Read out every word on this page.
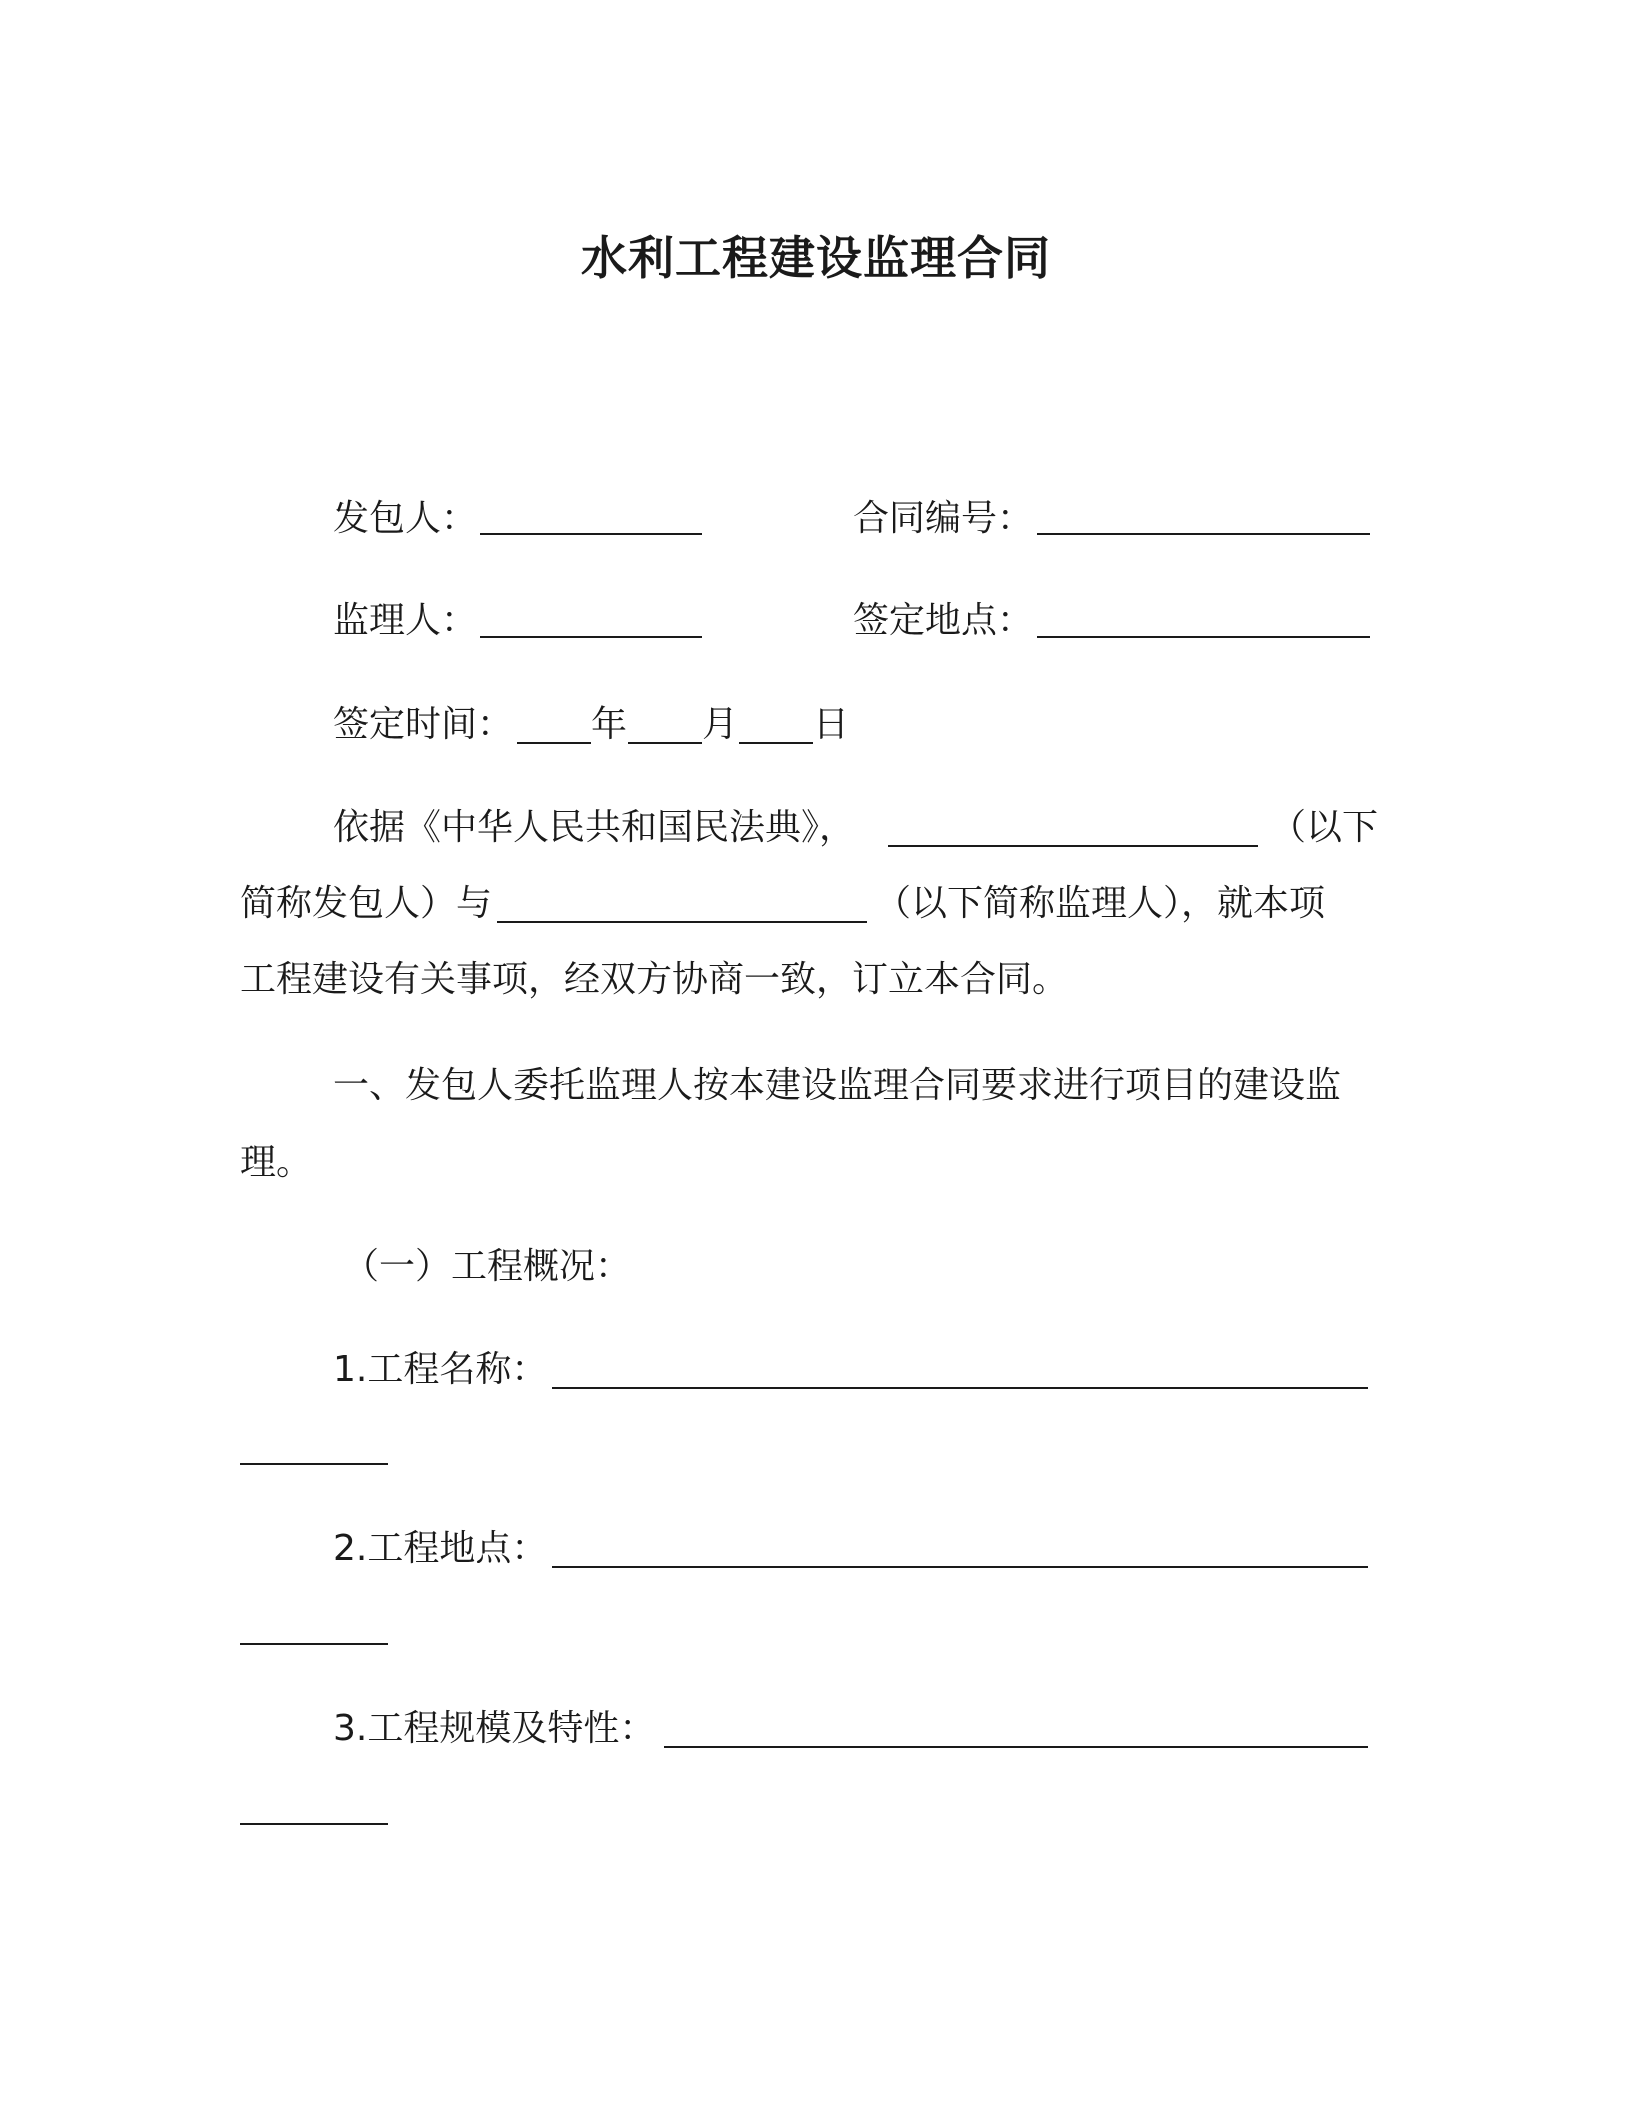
水利工程建设监理合同
发包人：	合同编号：
监理人：	签定地点：
签定时间： 年 月 日
依据《中华人民共和国民法典》，	（以下
简称发包人）与	（以下简称监理人），就本项
工程建设有关事项，经双方协商一致，订立本合同。
一、发包人委托监理人按本建设监理合同要求进行项目的建设监
理。
（一）工程概况：
1.工程名称：
2.工程地点：
3.工程规模及特性：
